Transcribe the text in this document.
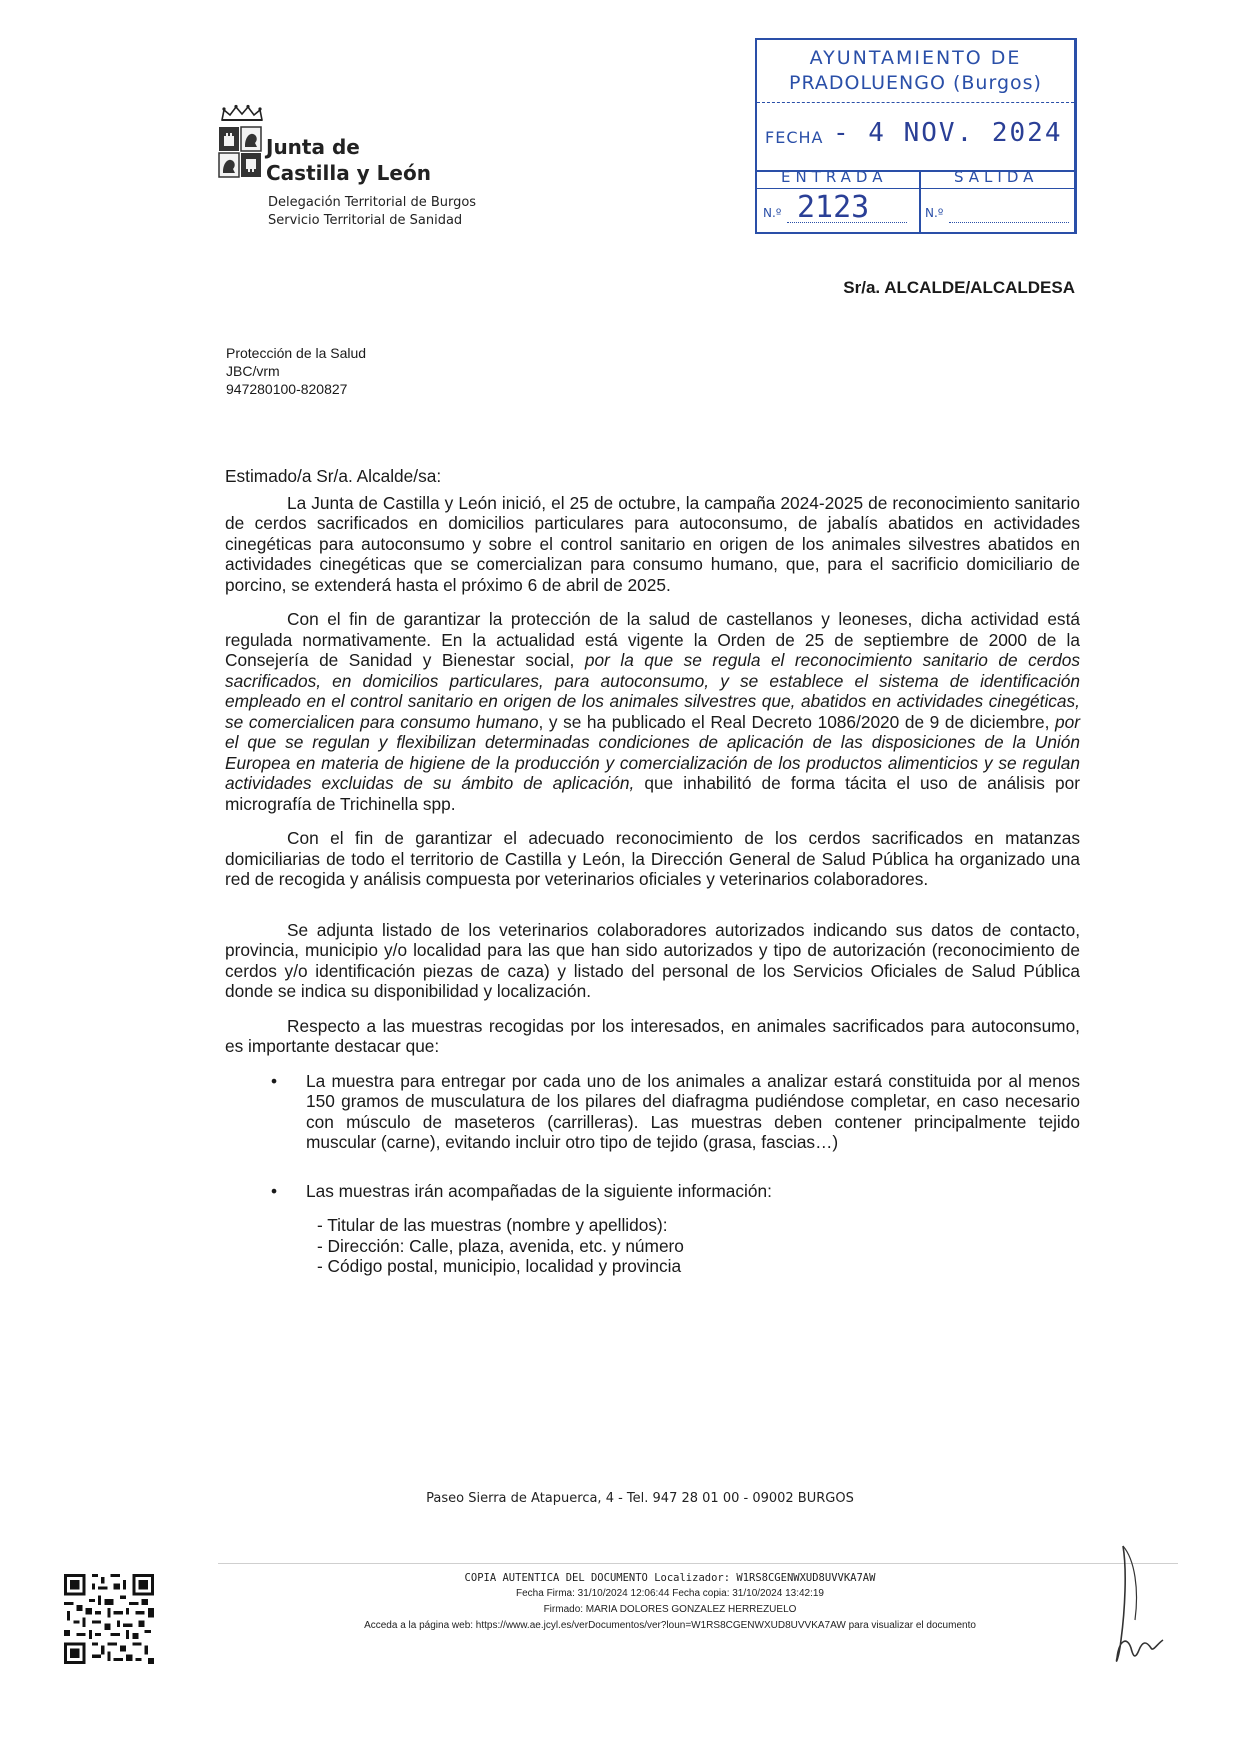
Junta de
Castilla y León
Delegación Territorial de Burgos
Servicio Territorial de Sanidad
AYUNTAMIENTO DE
PRADOLUENGO (Burgos)
FECHA - 4 NOV. 2024
ENTRADA	SALIDA
N.º 2123	N.º
Sr/a. ALCALDE/ALCALDESA
Protección de la Salud
JBC/vrm
947280100-820827

Estimado/a Sr/a. Alcalde/sa:

La Junta de Castilla y León inició, el 25 de octubre, la campaña 2024-2025 de reconocimiento sanitario de cerdos sacrificados en domicilios particulares para autoconsumo, de jabalís abatidos en actividades cinegéticas para autoconsumo y sobre el control sanitario en origen de los animales silvestres abatidos en actividades cinegéticas que se comercializan para consumo humano, que, para el sacrificio domiciliario de porcino, se extenderá hasta el próximo 6 de abril de 2025.

Con el fin de garantizar la protección de la salud de castellanos y leoneses, dicha actividad está regulada normativamente. En la actualidad está vigente la Orden de 25 de septiembre de 2000 de la Consejería de Sanidad y Bienestar social, por la que se regula el reconocimiento sanitario de cerdos sacrificados, en domicilios particulares, para autoconsumo, y se establece el sistema de identificación empleado en el control sanitario en origen de los animales silvestres que, abatidos en actividades cinegéticas, se comercialicen para consumo humano, y se ha publicado el Real Decreto 1086/2020 de 9 de diciembre, por el que se regulan y flexibilizan determinadas condiciones de aplicación de las disposiciones de la Unión Europea en materia de higiene de la producción y comercialización de los productos alimenticios y se regulan actividades excluidas de su ámbito de aplicación, que inhabilitó de forma tácita el uso de análisis por micrografía de Trichinella spp.

Con el fin de garantizar el adecuado reconocimiento de los cerdos sacrificados en matanzas domiciliarias de todo el territorio de Castilla y León, la Dirección General de Salud Pública ha organizado una red de recogida y análisis compuesta por veterinarios oficiales y veterinarios colaboradores.

Se adjunta listado de los veterinarios colaboradores autorizados indicando sus datos de contacto, provincia, municipio y/o localidad para las que han sido autorizados y tipo de autorización (reconocimiento de cerdos y/o identificación piezas de caza) y listado del personal de los Servicios Oficiales de Salud Pública donde se indica su disponibilidad y localización.

Respecto a las muestras recogidas por los interesados, en animales sacrificados para autoconsumo, es importante destacar que:

• La muestra para entregar por cada uno de los animales a analizar estará constituida por al menos 150 gramos de musculatura de los pilares del diafragma pudiéndose completar, en caso necesario con músculo de maseteros (carrilleras). Las muestras deben contener principalmente tejido muscular (carne), evitando incluir otro tipo de tejido (grasa, fascias…)
• Las muestras irán acompañadas de la siguiente información:
- Titular de las muestras (nombre y apellidos):
- Dirección: Calle, plaza, avenida, etc. y número
- Código postal, municipio, localidad y provincia
Paseo Sierra de Atapuerca, 4 - Tel. 947 28 01 00 - 09002 BURGOS
COPIA AUTENTICA DEL DOCUMENTO Localizador: W1RS8CGENWXUD8UVVKA7AW
Fecha Firma: 31/10/2024 12:06:44 Fecha copia: 31/10/2024 13:42:19
Firmado: MARIA DOLORES GONZALEZ HERREZUELO
Acceda a la página web: https://www.ae.jcyl.es/verDocumentos/ver?loun=W1RS8CGENWXUD8UVVKA7AW para visualizar el documento
